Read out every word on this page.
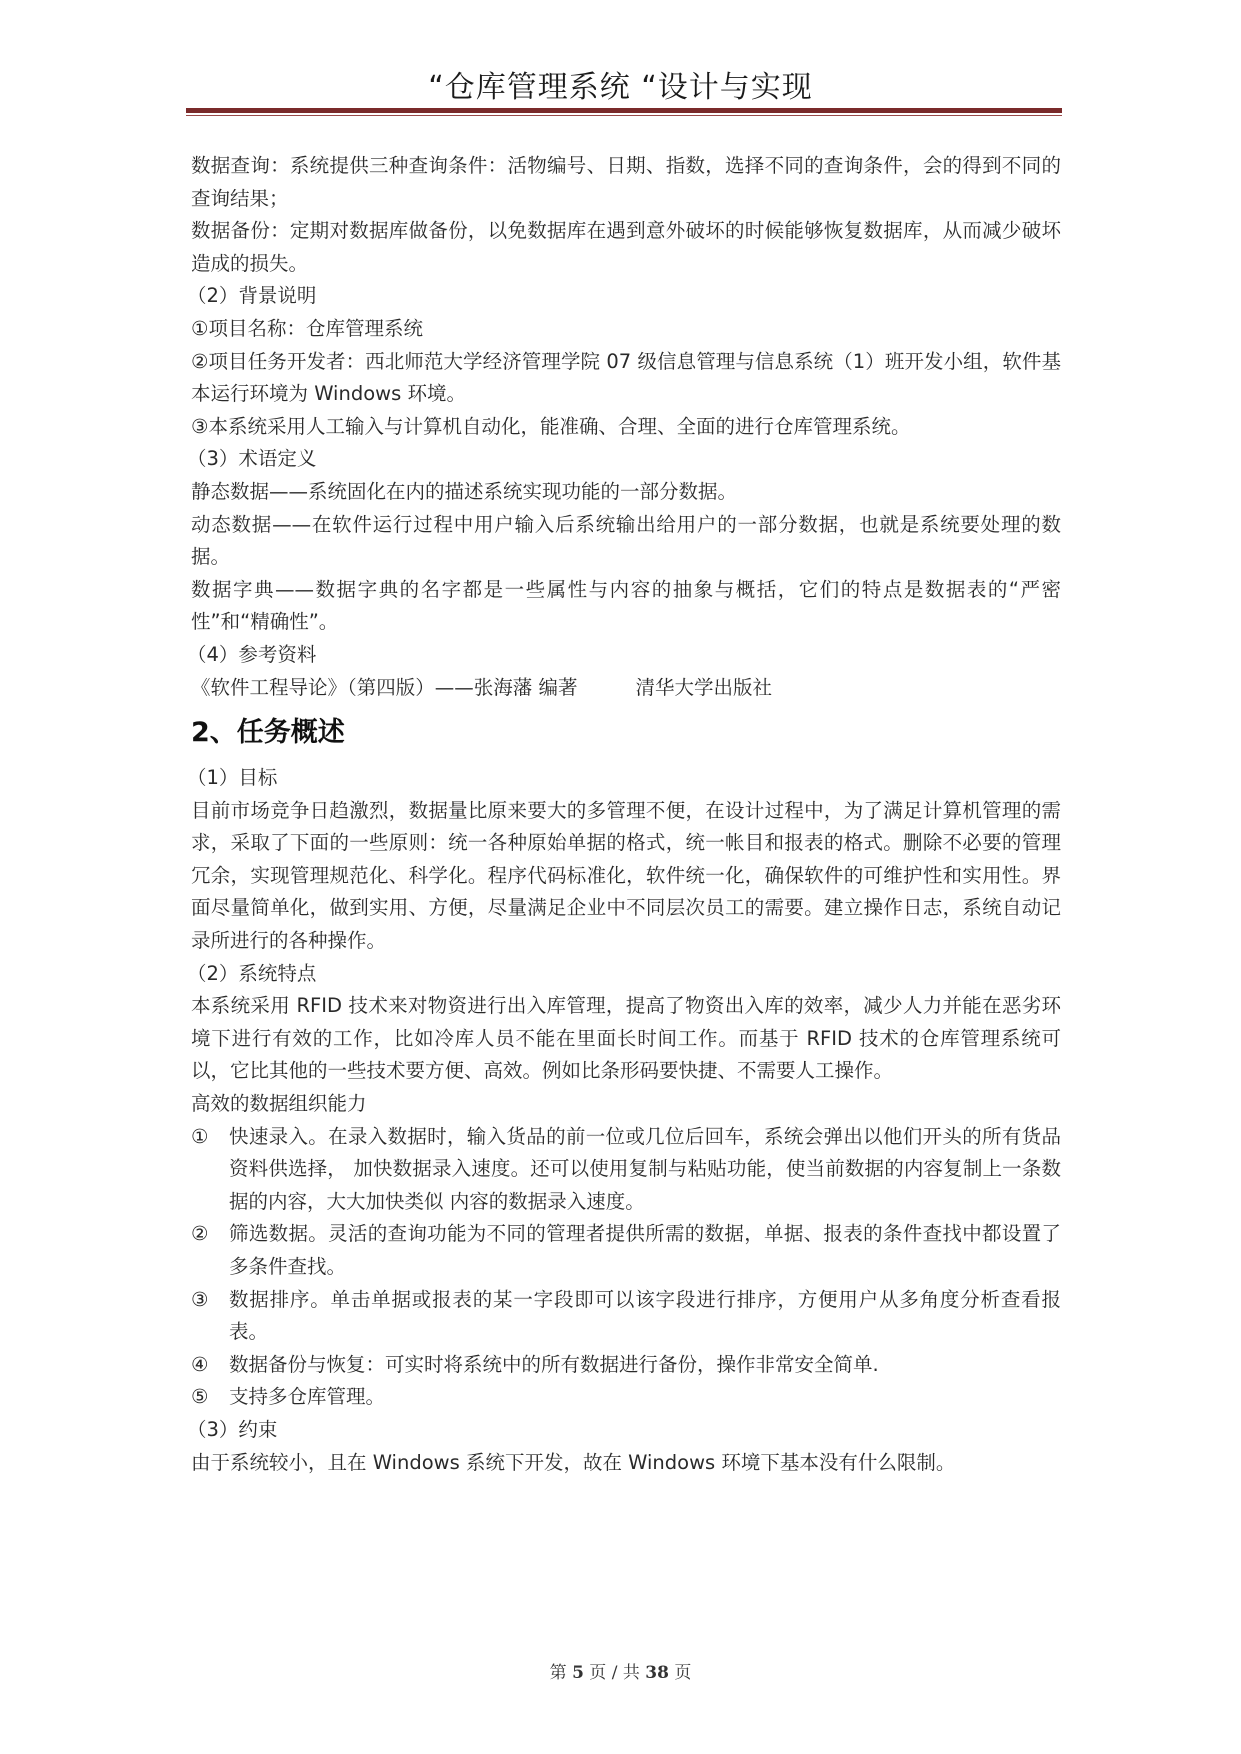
“仓库管理系统 “设计与实现

数据查询：系统提供三种查询条件：活物编号、日期、指数，选择不同的查询条件，会的得到不同的查询结果；

数据备份：定期对数据库做备份，以免数据库在遇到意外破坏的时候能够恢复数据库，从而减少破坏造成的损失。

（2）背景说明

①项目名称：仓库管理系统

②项目任务开发者：西北师范大学经济管理学院 07 级信息管理与信息系统（1）班开发小组，软件基本运行环境为 Windows 环境。

③本系统采用人工输入与计算机自动化，能准确、合理、全面的进行仓库管理系统。

（3）术语定义

静态数据——系统固化在内的描述系统实现功能的一部分数据。

动态数据——在软件运行过程中用户输入后系统输出给用户的一部分数据，也就是系统要处理的数据。

数据字典——数据字典的名字都是一些属性与内容的抽象与概括，它们的特点是数据表的“严密性”和“精确性”。

（4）参考资料

《软件工程导论》（第四版）——张海藩 编著	清华大学出版社

2、任务概述

（1）目标

目前市场竞争日趋激烈，数据量比原来要大的多管理不便，在设计过程中，为了满足计算机管理的需求，采取了下面的一些原则：统一各种原始单据的格式，统一帐目和报表的格式。删除不必要的管理冗余，实现管理规范化、科学化。程序代码标准化，软件统一化，确保软件的可维护性和实用性。界面尽量简单化，做到实用、方便，尽量满足企业中不同层次员工的需要。建立操作日志，系统自动记录所进行的各种操作。

（2）系统特点

本系统采用 RFID 技术来对物资进行出入库管理，提高了物资出入库的效率，减少人力并能在恶劣环境下进行有效的工作，比如冷库人员不能在里面长时间工作。而基于 RFID 技术的仓库管理系统可以，它比其他的一些技术要方便、高效。例如比条形码要快捷、不需要人工操作。

高效的数据组织能力

①	快速录入。在录入数据时，输入货品的前一位或几位后回车，系统会弹出以他们开头的所有货品资料供选择， 加快数据录入速度。还可以使用复制与粘贴功能，使当前数据的内容复制上一条数据的内容，大大加快类似 内容的数据录入速度。
②	筛选数据。灵活的查询功能为不同的管理者提供所需的数据，单据、报表的条件查找中都设置了多条件查找。
③	数据排序。单击单据或报表的某一字段即可以该字段进行排序，方便用户从多角度分析查看报表。
④	数据备份与恢复：可实时将系统中的所有数据进行备份，操作非常安全简单.
⑤	支持多仓库管理。

（3）约束

由于系统较小，且在 Windows 系统下开发，故在 Windows 环境下基本没有什么限制。

第 5 页 / 共 38 页
